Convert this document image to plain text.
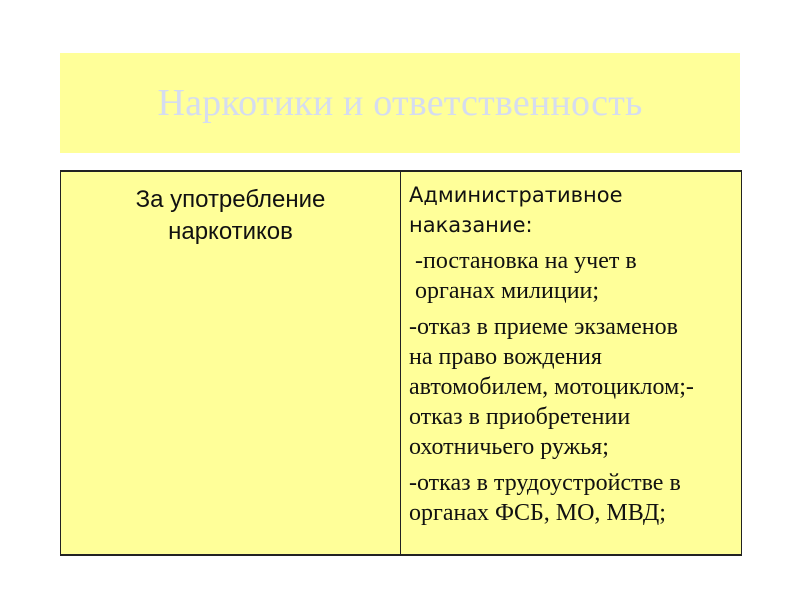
Наркотики и ответственность
За употребление
наркотиков
Административное
наказание:
-постановка на учет в
органах милиции;
-отказ в приеме экзаменов
на право вождения
автомобилем, мотоциклом;-
отказ в приобретении
охотничьего ружья;
-отказ в трудоустройстве в
органах ФСБ, МО, МВД;
